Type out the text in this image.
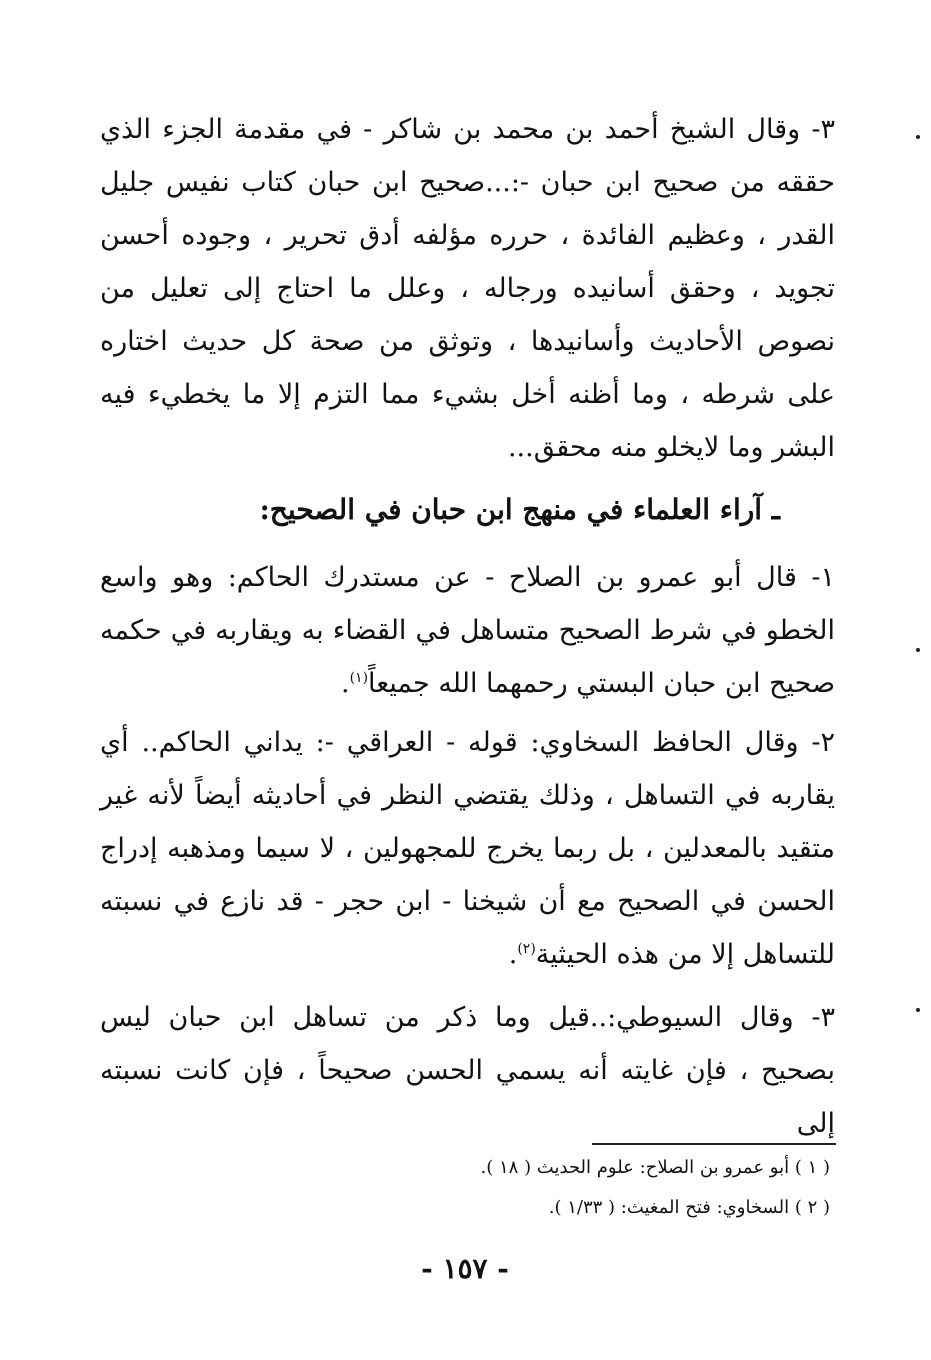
٣- وقال الشيخ أحمد بن محمد بن شاكر - في مقدمة الجزء الذي حققه من صحيح ابن حبان -:...صحيح ابن حبان كتاب نفيس جليل القدر ، وعظيم الفائدة ، حرره مؤلفه أدق تحرير ، وجوده أحسن تجويد ، وحقق أسانيده ورجاله ، وعلل ما احتاج إلى تعليل من نصوص الأحاديث وأسانيدها ، وتوثق من صحة كل حديث اختاره على شرطه ، وما أظنه أخل بشيء مما التزم إلا ما يخطيء فيه البشر وما لايخلو منه محقق...
ـ آراء العلماء في منهج ابن حبان في الصحيح:
١- قال أبو عمرو بن الصلاح - عن مستدرك الحاكم: وهو واسع الخطو في شرط الصحيح متساهل في القضاء به ويقاربه في حكمه صحيح ابن حبان البستي رحمهما الله جميعاً$^{(١)}$.
٢- وقال الحافظ السخاوي: قوله - العراقي -: يداني الحاكم.. أي يقاربه في التساهل ، وذلك يقتضي النظر في أحاديثه أيضاً لأنه غير متقيد بالمعدلين ، بل ربما يخرج للمجهولين ، لا سيما ومذهبه إدراج الحسن في الصحيح مع أن شيخنا - ابن حجر - قد نازع في نسبته للتساهل إلا من هذه الحيثية$^{(٢)}$.
٣- وقال السيوطي:..قيل وما ذكر من تساهل ابن حبان ليس بصحيح ، فإن غايته أنه يسمي الحسن صحيحاً ، فإن كانت نسبته إلى
( ١ ) أبو عمرو بن الصلاح: علوم الحديث ( ١٨ ).
( ٢ ) السخاوي: فتح المغيث: ( ١/٣٣ ).
- ١٥٧ -
